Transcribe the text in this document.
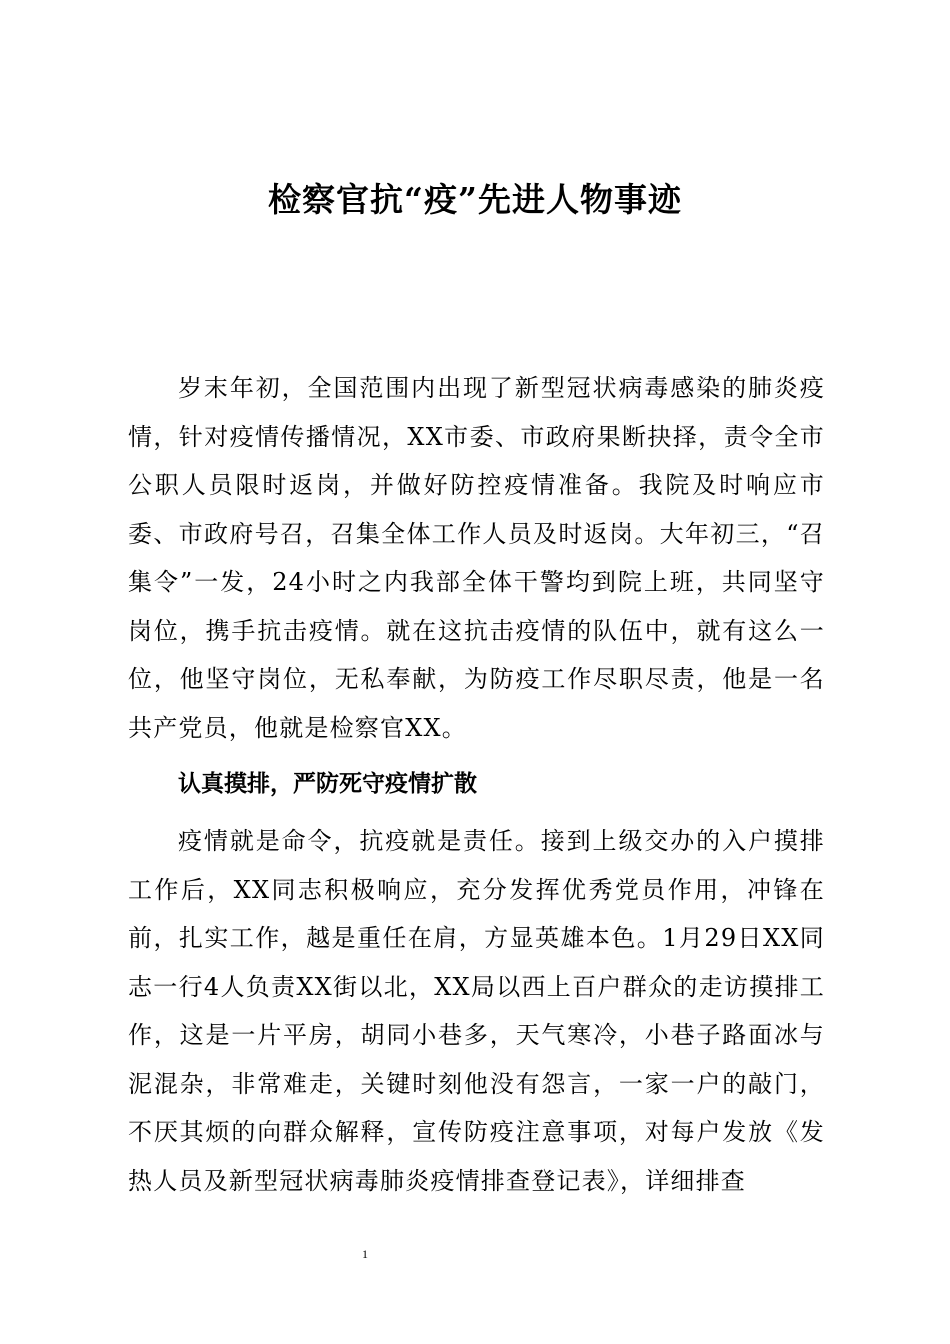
检察官抗“疫”先进人物事迹

岁末年初，全国范围内出现了新型冠状病毒感染的肺炎疫情，针对疫情传播情况，XX市委、市政府果断抉择，责令全市公职人员限时返岗，并做好防控疫情准备。我院及时响应市委、市政府号召，召集全体工作人员及时返岗。大年初三，“召集令”一发，24小时之内我部全体干警均到院上班，共同坚守岗位，携手抗击疫情。就在这抗击疫情的队伍中，就有这么一位，他坚守岗位，无私奉献，为防疫工作尽职尽责，他是一名共产党员，他就是检察官XX。

认真摸排，严防死守疫情扩散

疫情就是命令，抗疫就是责任。接到上级交办的入户摸排工作后，XX同志积极响应，充分发挥优秀党员作用，冲锋在前，扎实工作，越是重任在肩，方显英雄本色。1月29日XX同志一行4人负责XX街以北，XX局以西上百户群众的走访摸排工作，这是一片平房，胡同小巷多，天气寒冷，小巷子路面冰与泥混杂，非常难走，关键时刻他没有怨言，一家一户的敲门，不厌其烦的向群众解释，宣传防疫注意事项，对每户发放《发热人员及新型冠状病毒肺炎疫情排查登记表》，详细排查

1
